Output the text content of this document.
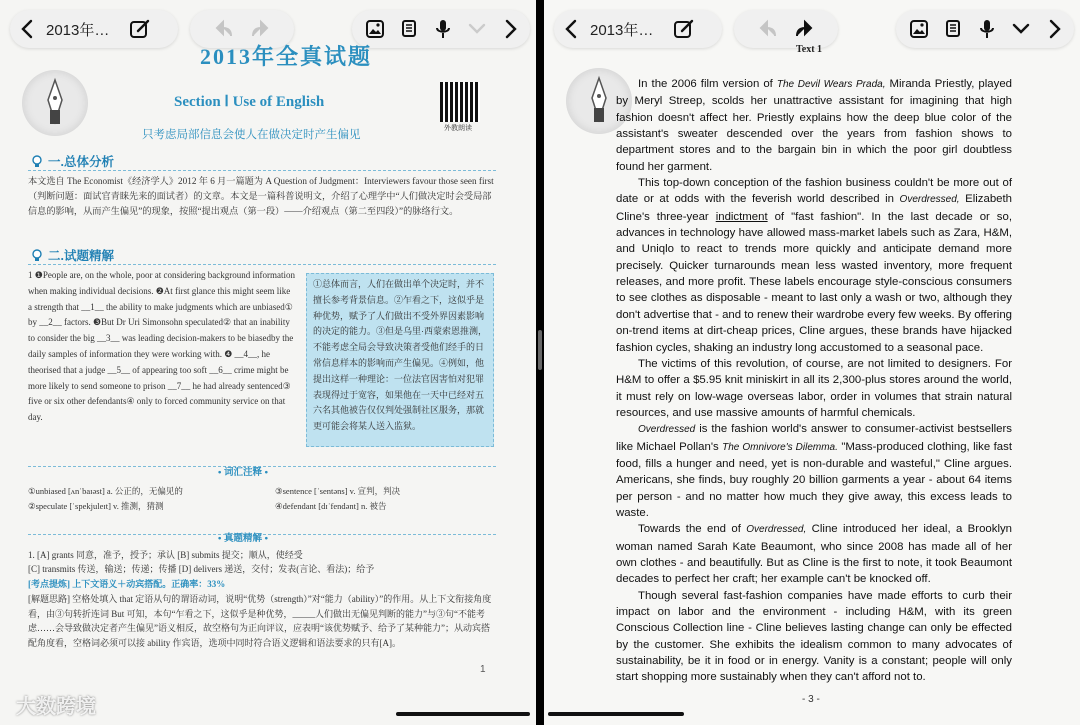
2013年…
2013年全真试题
Section Ⅰ Use of English
只考虑局部信息会使人在做决定时产生偏见
外教朗读
一.总体分析
本文选自 The Economist《经济学人》2012 年 6 月一篇题为 A Question of Judgment：Interviewers favour those seen first（判断问题：面试官青睐先来的面试者）的文章。本文是一篇科普说明文，介绍了心理学中“人们做决定时会受局部信息的影响，从而产生偏见”的现象，按照“提出观点（第一段）——介绍观点（第二至四段）”的脉络行文。
二.试题精解
1 ❶People are, on the whole, poor at considering background information when making individual decisions. ❷At first glance this might seem like a strength that __1__ the ability to make judgments which are unbiased① by __2__ factors. ❸But Dr Uri Simonsohn speculated② that an inability to consider the big __3__ was leading decision-makers to be biasedby the daily samples of information they were working with. ❹ __4__, he theorised that a judge __5__ of appearing too soft __6__ crime might be more likely to send someone to prison __7__ he had already sentenced③ five or six other defendants④ only to forced community service on that day.
①总体而言，人们在做出单个决定时，并不擅长参考背景信息。②乍看之下，这似乎是种优势，赋予了人们做出不受外界因素影响的决定的能力。③但是乌里·西蒙索恩推测，不能考虑全局会导致决策者受他们经手的日常信息样本的影响而产生偏见。④例如，他提出这样一种理论：一位法官因害怕对犯罪表现得过于宽容，如果他在一天中已经对五六名其他被告仅仅判处强制社区服务，那就更可能会将某人送入监狱。
• 词汇注释 •
①unbiased [ʌnˈbaɪəst] a. 公正的，无偏见的
②speculate [ˈspekjuleɪt] v. 推测，猜测
③sentence [ˈsentəns] v. 宣判，判决
④defendant [dɪˈfendənt] n. 被告
• 真题精解 •
1. [A] grants 同意，准予，授予；承认 [B] submits 提交；顺从，使经受
[C] transmits 传送，输送；传递；传播 [D] delivers 递送，交付；发表(言论、看法)；给予
[考点提炼] 上下文语义＋动宾搭配。正确率：33%
[解题思路] 空格处填入 that 定语从句的谓语动词，说明“优势（strength）”对“能力（ability）”的作用。从上下文衔接角度看，由③句转折连词 But 可知，本句“乍看之下，这似乎是种优势，_____人们做出无偏见判断的能力”与③句“不能考虑……会导致做决定者产生偏见”语义相反，故空格句为正向评议，应表明“该优势赋予、给予了某种能力”；从动宾搭配角度看，空格词必须可以接 ability 作宾语，选项中同时符合语义逻辑和语法要求的只有[A]。
1
2013年…
Text 1

In the 2006 film version of The Devil Wears Prada, Miranda Priestly, played by Meryl Streep, scolds her unattractive assistant for imagining that high fashion doesn't affect her. Priestly explains how the deep blue color of the assistant's sweater descended over the years from fashion shows to department stores and to the bargain bin in which the poor girl doubtless found her garment.

This top-down conception of the fashion business couldn't be more out of date or at odds with the feverish world described in Overdressed, Elizabeth Cline's three-year indictment of "fast fashion". In the last decade or so, advances in technology have allowed mass-market labels such as Zara, H&M, and Uniqlo to react to trends more quickly and anticipate demand more precisely. Quicker turnarounds mean less wasted inventory, more frequent releases, and more profit. These labels encourage style-conscious consumers to see clothes as disposable - meant to last only a wash or two, although they don't advertise that - and to renew their wardrobe every few weeks. By offering on-trend items at dirt-cheap prices, Cline argues, these brands have hijacked fashion cycles, shaking an industry long accustomed to a seasonal pace.

The victims of this revolution, of course, are not limited to designers. For H&M to offer a $5.95 knit miniskirt in all its 2,300-plus stores around the world, it must rely on low-wage overseas labor, order in volumes that strain natural resources, and use massive amounts of harmful chemicals.

Overdressed is the fashion world's answer to consumer-activist bestsellers like Michael Pollan's The Omnivore's Dilemma. "Mass-produced clothing, like fast food, fills a hunger and need, yet is non-durable and wasteful," Cline argues. Americans, she finds, buy roughly 20 billion garments a year - about 64 items per person - and no matter how much they give away, this excess leads to waste.

Towards the end of Overdressed, Cline introduced her ideal, a Brooklyn woman named Sarah Kate Beaumont, who since 2008 has made all of her own clothes - and beautifully. But as Cline is the first to note, it took Beaumont decades to perfect her craft; her example can't be knocked off.

Though several fast-fashion companies have made efforts to curb their impact on labor and the environment - including H&M, with its green Conscious Collection line - Cline believes lasting change can only be effected by the customer. She exhibits the idealism common to many advocates of sustainability, be it in food or in energy. Vanity is a constant; people will only start shopping more sustainably when they can't afford not to.

- 3 -
大数跨境
